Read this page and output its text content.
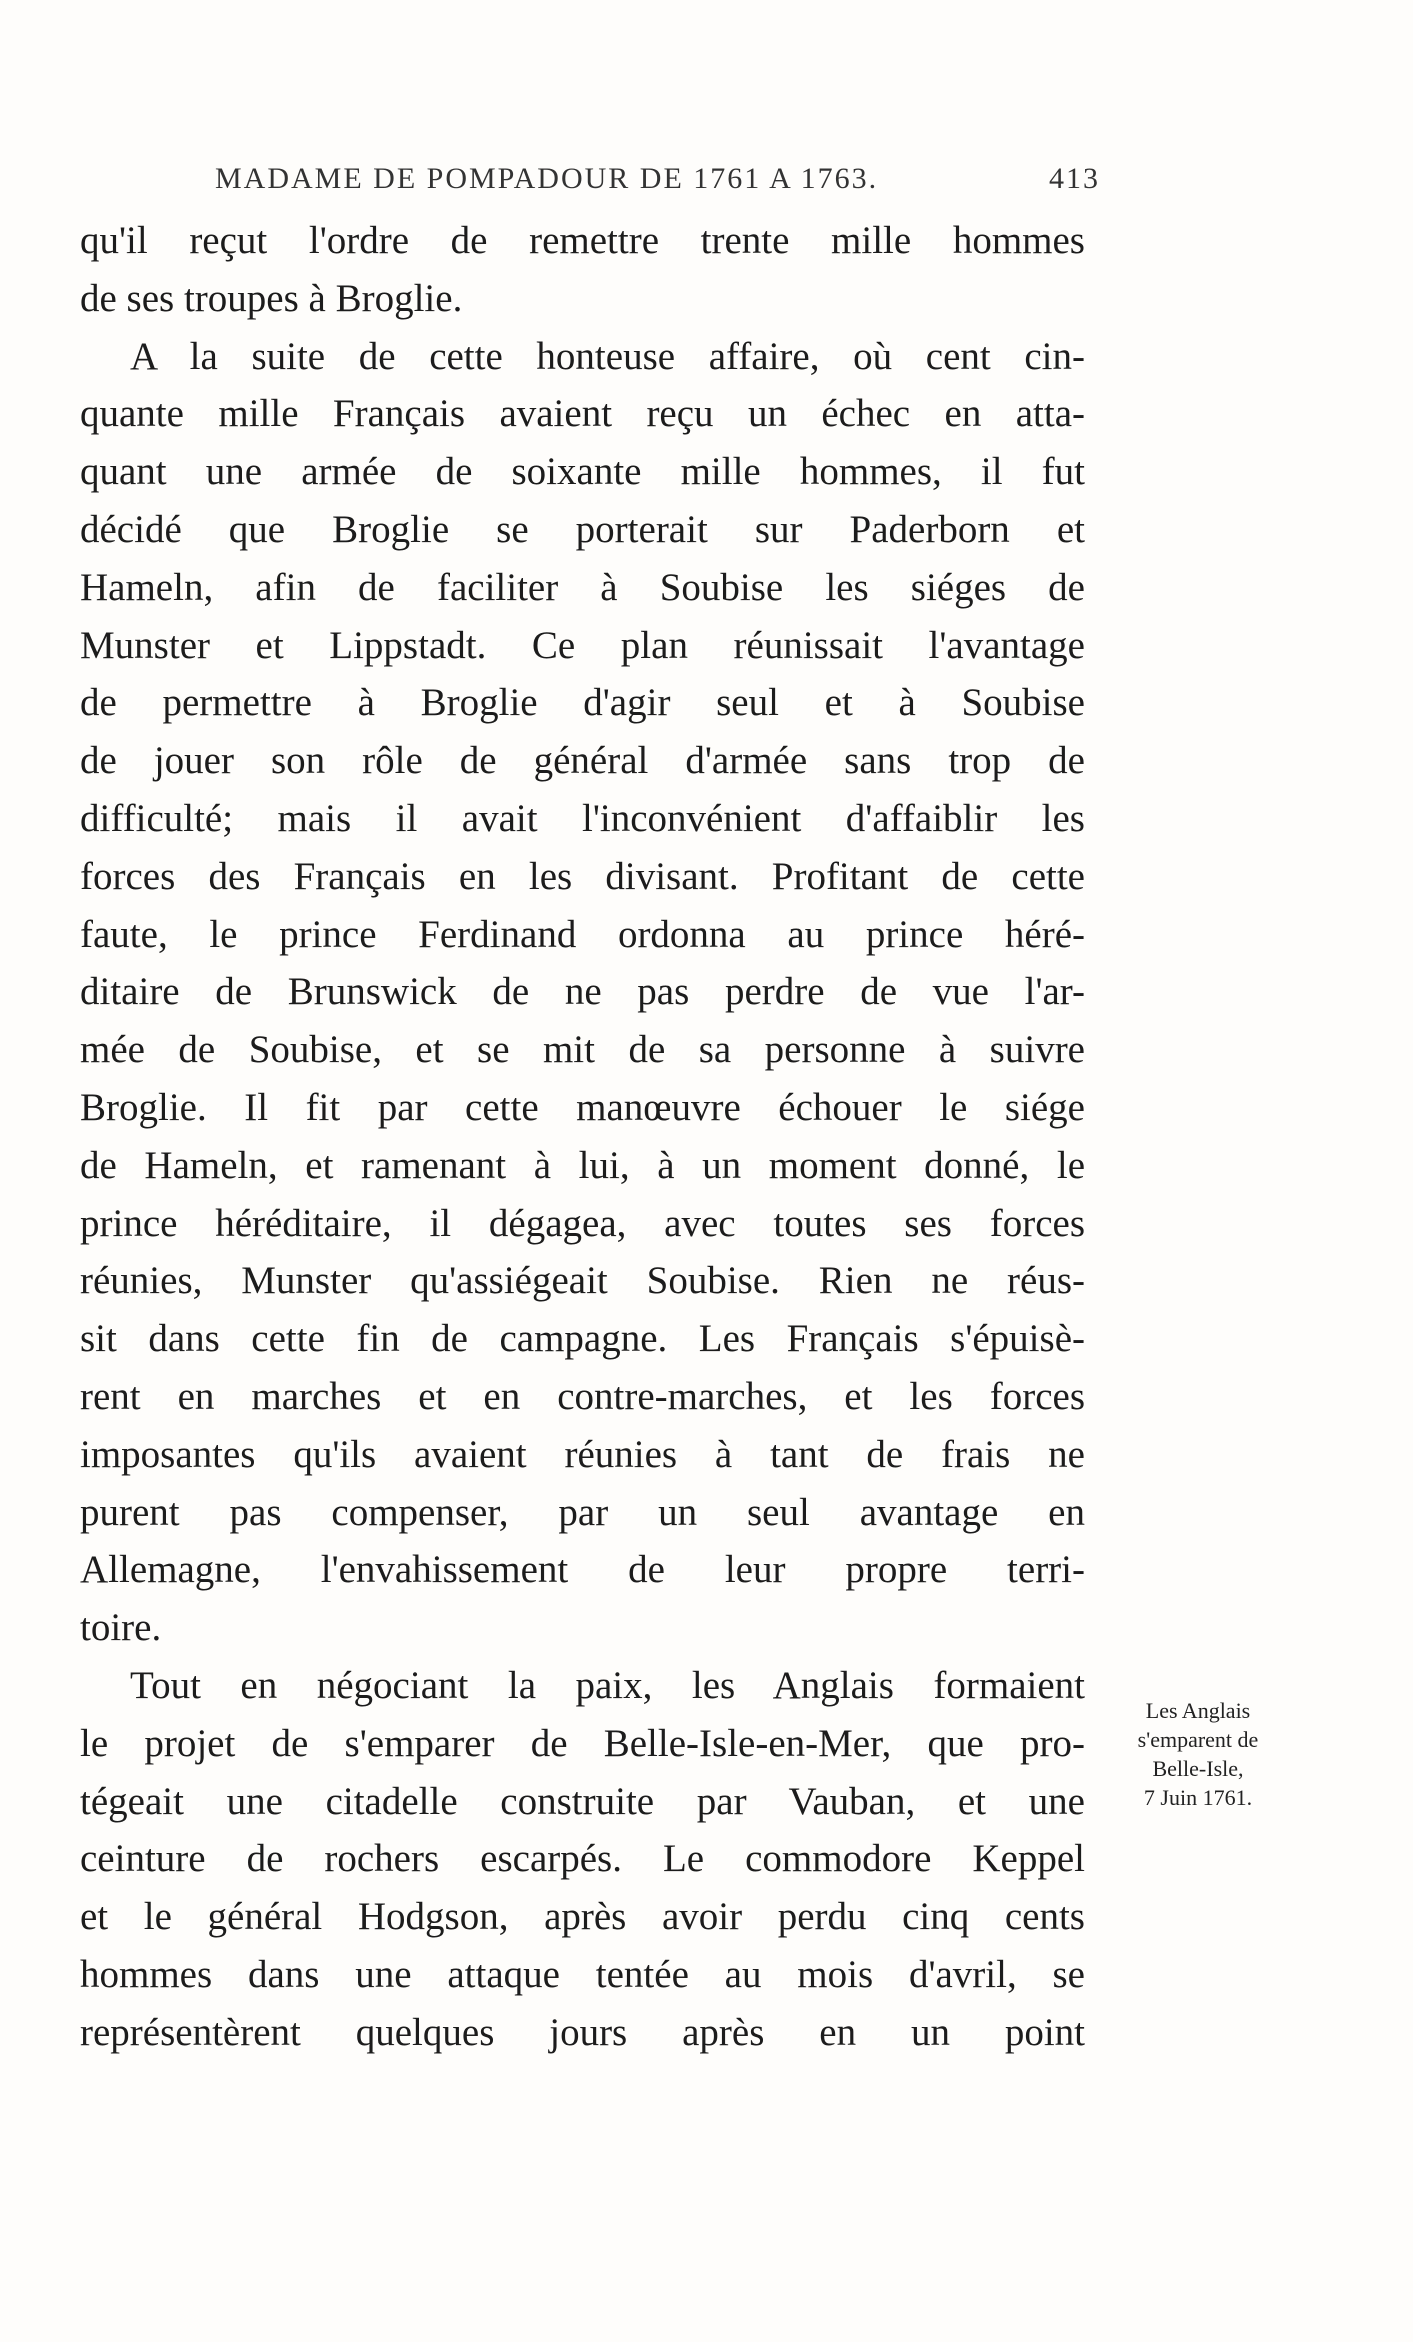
MADAME DE POMPADOUR DE 1761 A 1763.	413
qu'il reçut l'ordre de remettre trente mille hommes
de ses troupes à Broglie.
A la suite de cette honteuse affaire, où cent cin-
quante mille Français avaient reçu un échec en atta-
quant une armée de soixante mille hommes, il fut
décidé que Broglie se porterait sur Paderborn et
Hameln, afin de faciliter à Soubise les siéges de
Munster et Lippstadt. Ce plan réunissait l'avantage
de permettre à Broglie d'agir seul et à Soubise
de jouer son rôle de général d'armée sans trop de
difficulté; mais il avait l'inconvénient d'affaiblir les
forces des Français en les divisant. Profitant de cette
faute, le prince Ferdinand ordonna au prince héré-
ditaire de Brunswick de ne pas perdre de vue l'ar-
mée de Soubise, et se mit de sa personne à suivre
Broglie. Il fit par cette manœuvre échouer le siége
de Hameln, et ramenant à lui, à un moment donné, le
prince héréditaire, il dégagea, avec toutes ses forces
réunies, Munster qu'assiégeait Soubise. Rien ne réus-
sit dans cette fin de campagne. Les Français s'épuisè-
rent en marches et en contre-marches, et les forces
imposantes qu'ils avaient réunies à tant de frais ne
purent pas compenser, par un seul avantage en
Allemagne, l'envahissement de leur propre terri-
toire.
Tout en négociant la paix, les Anglais formaient
le projet de s'emparer de Belle-Isle-en-Mer, que pro-
tégeait une citadelle construite par Vauban, et une
ceinture de rochers escarpés. Le commodore Keppel
et le général Hodgson, après avoir perdu cinq cents
hommes dans une attaque tentée au mois d'avril, se
représentèrent quelques jours après en un point
Les Anglais
s'emparent de
Belle-Isle,
7 Juin 1761.
